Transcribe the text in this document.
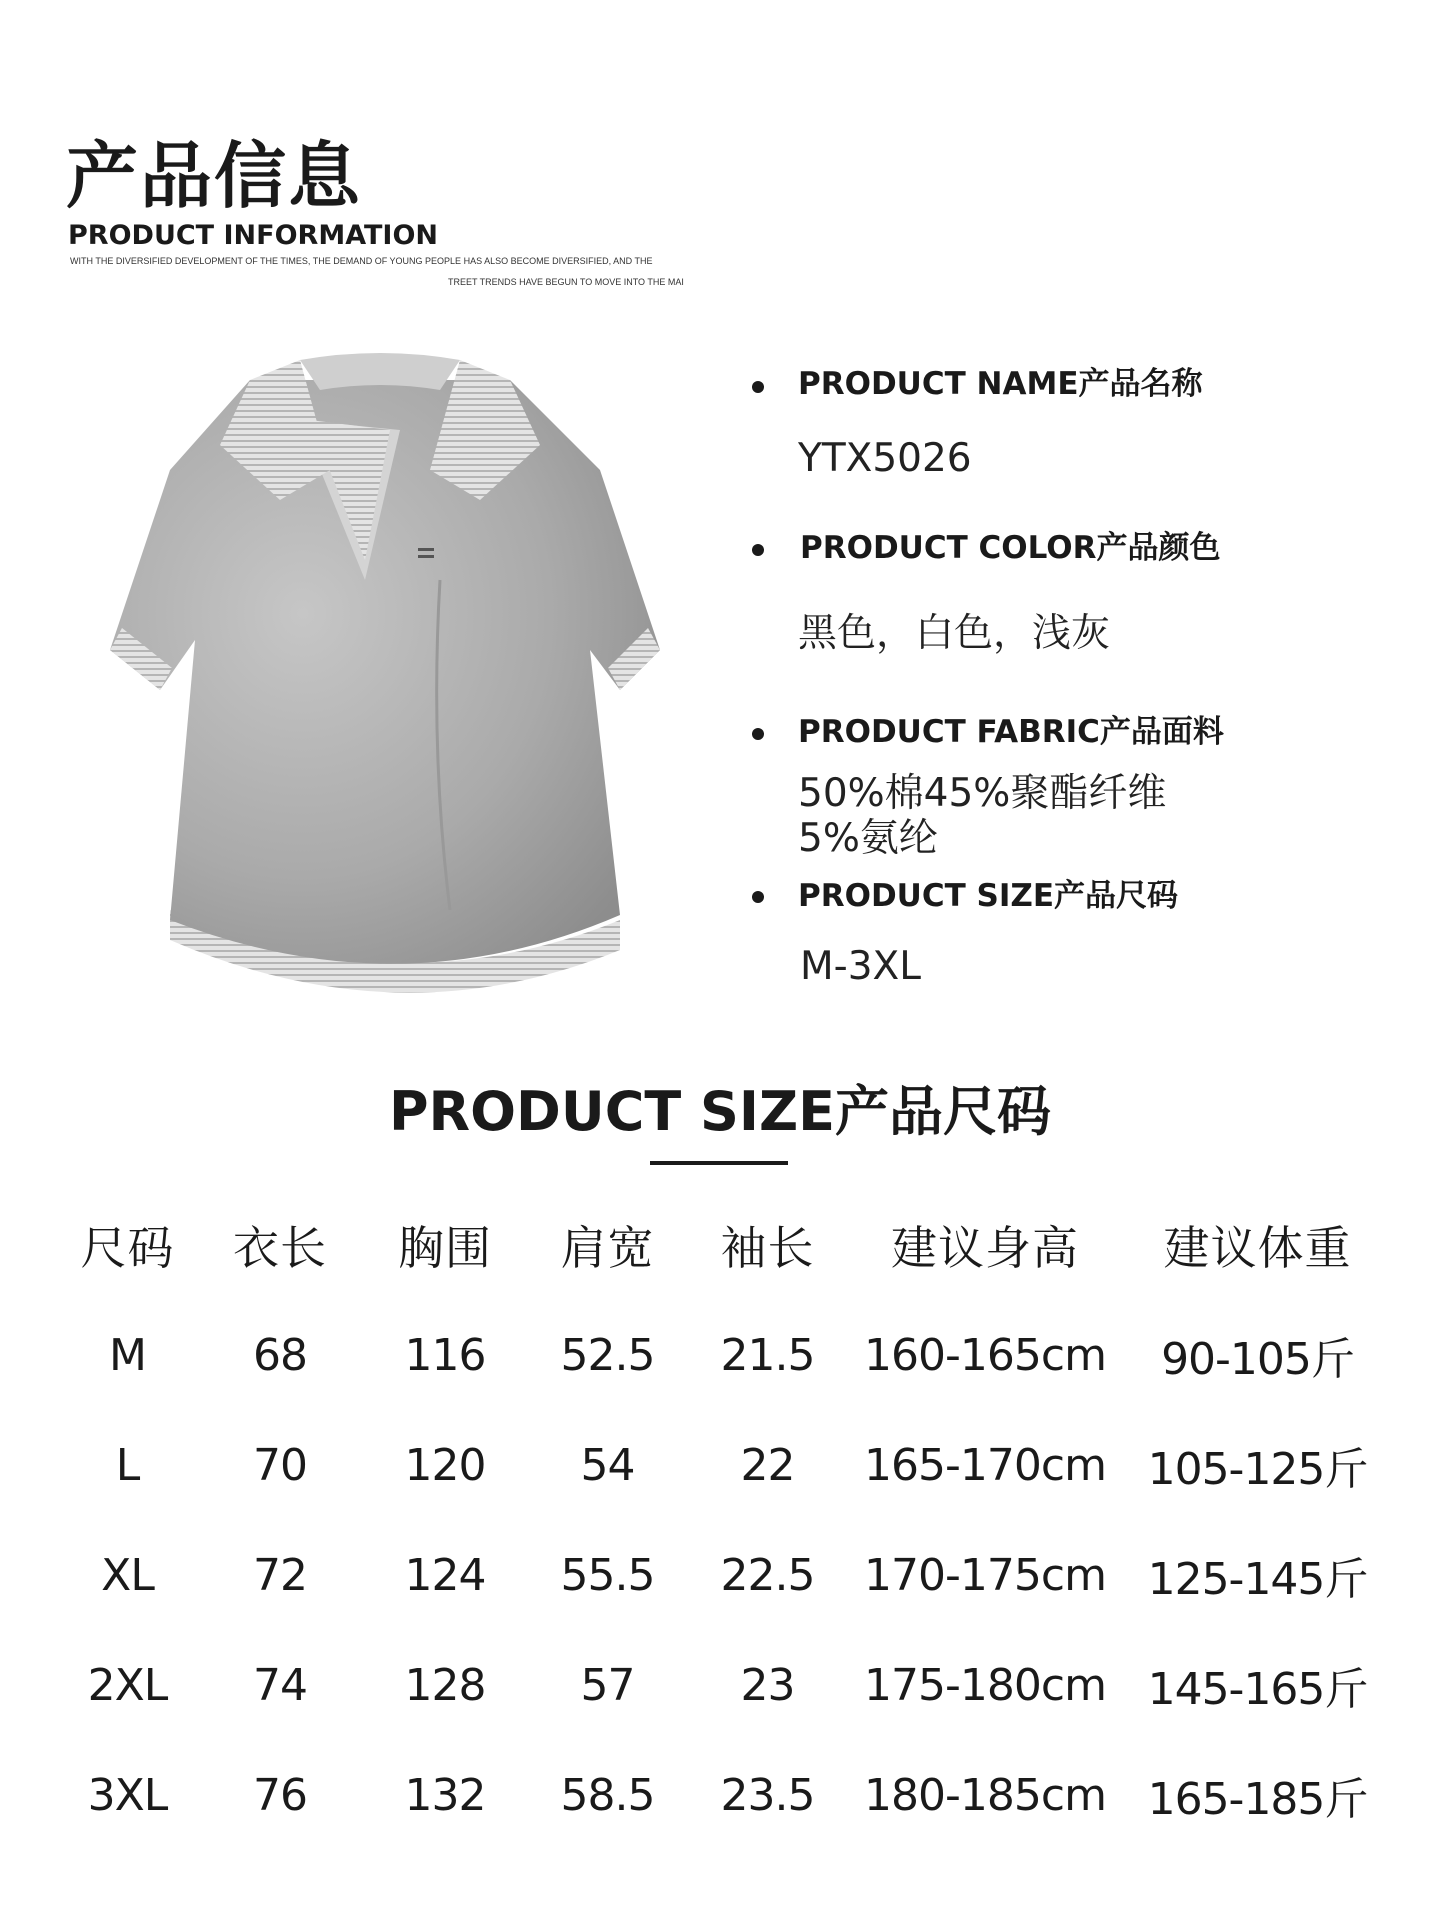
产品信息
PRODUCT INFORMATION
WITH THE DIVERSIFIED DEVELOPMENT OF THE TIMES, THE DEMAND OF YOUNG PEOPLE HAS ALSO BECOME DIVERSIFIED, AND THE
TREET TRENDS HAVE BEGUN TO MOVE INTO THE MAI
PRODUCT NAME产品名称
YTX5026
PRODUCT COLOR产品颜色
黑色，白色，浅灰
PRODUCT FABRIC产品面料
50%棉45%聚酯纤维
5%氨纶
PRODUCT SIZE产品尺码
M-3XL
PRODUCT SIZE产品尺码
尺码	衣长	胸围	肩宽	袖长	建议身高	建议体重
M	68	116	52.5	21.5	160-165cm	90-105斤
L	70	120	54	22	165-170cm 105-125斤
XL	72	124	55.5	22.5	170-175cm 125-145斤
2XL	74	128	57	23	175-180cm 145-165斤
3XL	76	132	58.5	23.5	180-185cm 165-185斤
